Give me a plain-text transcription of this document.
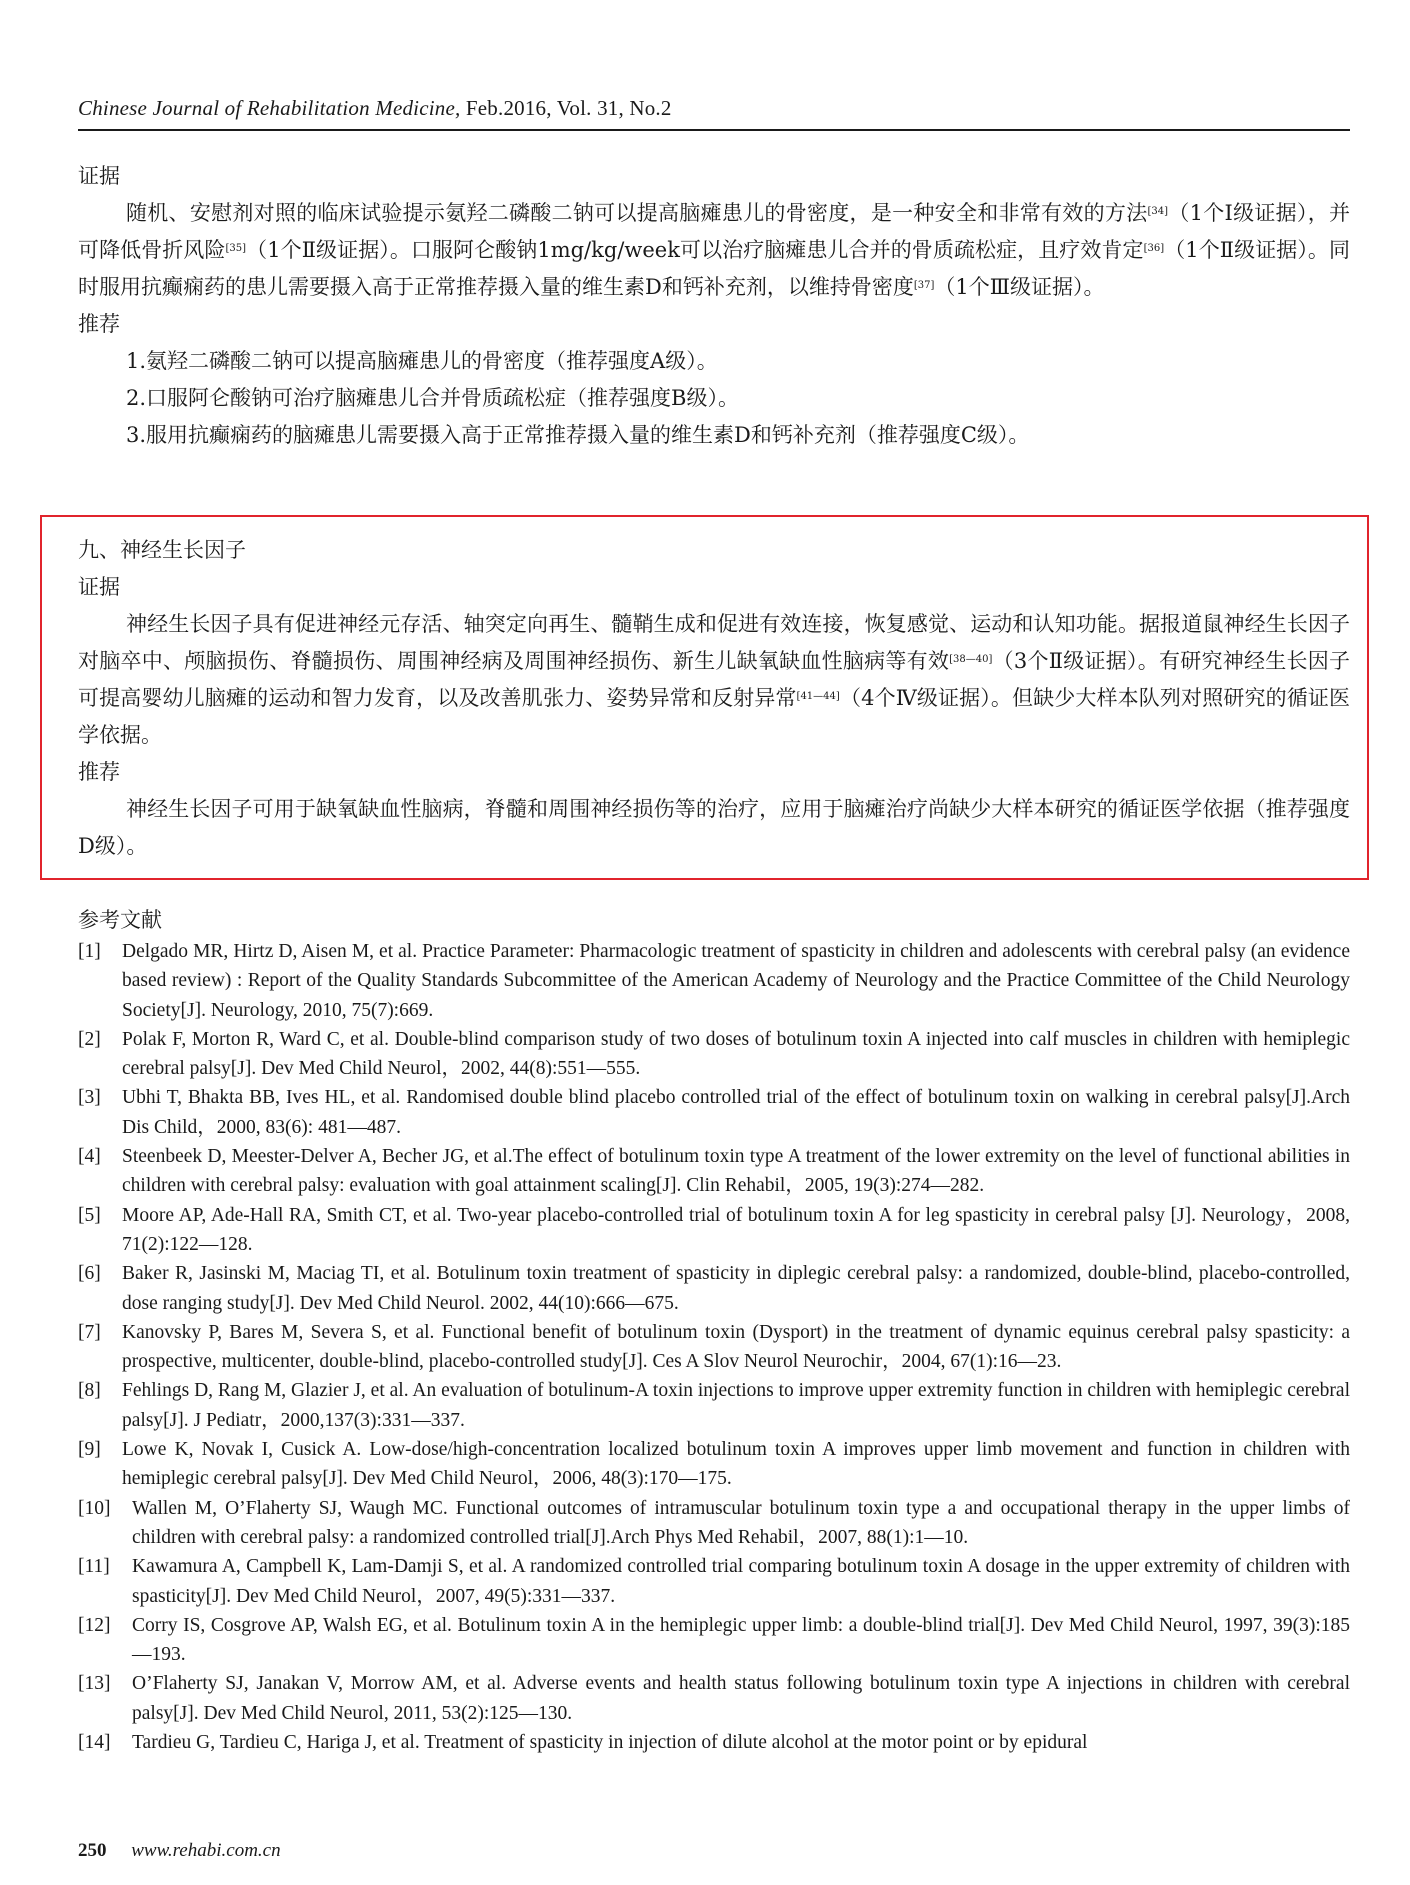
Chinese Journal of Rehabilitation Medicine, Feb.2016, Vol. 31, No.2

证据

随机、安慰剂对照的临床试验提示氨羟二磷酸二钠可以提高脑瘫患儿的骨密度，是一种安全和非常有效的方法[34]（1个Ⅰ级证据），并可降低骨折风险[35]（1个Ⅱ级证据）。口服阿仑酸钠1mg/kg/week可以治疗脑瘫患儿合并的骨质疏松症，且疗效肯定[36]（1个Ⅱ级证据）。同时服用抗癫痫药的患儿需要摄入高于正常推荐摄入量的维生素D和钙补充剂，以维持骨密度[37]（1个Ⅲ级证据）。

推荐

1.氨羟二磷酸二钠可以提高脑瘫患儿的骨密度（推荐强度A级）。

2.口服阿仑酸钠可治疗脑瘫患儿合并骨质疏松症（推荐强度B级）。

3.服用抗癫痫药的脑瘫患儿需要摄入高于正常推荐摄入量的维生素D和钙补充剂（推荐强度C级）。

九、神经生长因子

证据

神经生长因子具有促进神经元存活、轴突定向再生、髓鞘生成和促进有效连接，恢复感觉、运动和认知功能。据报道鼠神经生长因子对脑卒中、颅脑损伤、脊髓损伤、周围神经病及周围神经损伤、新生儿缺氧缺血性脑病等有效[38—40]（3个Ⅱ级证据）。有研究神经生长因子可提高婴幼儿脑瘫的运动和智力发育，以及改善肌张力、姿势异常和反射异常[41—44]（4个Ⅳ级证据）。但缺少大样本队列对照研究的循证医学依据。

推荐

神经生长因子可用于缺氧缺血性脑病，脊髓和周围神经损伤等的治疗，应用于脑瘫治疗尚缺少大样本研究的循证医学依据（推荐强度D级）。

参考文献

[1]	Delgado MR, Hirtz D, Aisen M, et al. Practice Parameter: Pharmacologic treatment of spasticity in children and adolescents with cerebral palsy (an evidence based review) : Report of the Quality Standards Subcommittee of the American Academy of Neurology and the Practice Committee of the Child Neurology Society[J]. Neurology, 2010, 75(7):669.
[2]	Polak F, Morton R, Ward C, et al. Double-blind comparison study of two doses of botulinum toxin A injected into calf muscles in children with hemiplegic cerebral palsy[J]. Dev Med Child Neurol，2002, 44(8):551—555.
[3]	Ubhi T, Bhakta BB, Ives HL, et al. Randomised double blind placebo controlled trial of the effect of botulinum toxin on walking in cerebral palsy[J].Arch Dis Child，2000, 83(6): 481—487.
[4]	Steenbeek D, Meester-Delver A, Becher JG, et al.The effect of botulinum toxin type A treatment of the lower extremity on the level of functional abilities in children with cerebral palsy: evaluation with goal attainment scaling[J]. Clin Rehabil，2005, 19(3):274—282.
[5]	Moore AP, Ade-Hall RA, Smith CT, et al. Two-year placebo-controlled trial of botulinum toxin A for leg spasticity in cerebral palsy [J]. Neurology，2008, 71(2):122—128.
[6]	Baker R, Jasinski M, Maciag TI, et al. Botulinum toxin treatment of spasticity in diplegic cerebral palsy: a randomized, double-blind, placebo-controlled, dose ranging study[J]. Dev Med Child Neurol. 2002, 44(10):666—675.
[7]	Kanovsky P, Bares M, Severa S, et al. Functional benefit of botulinum toxin (Dysport) in the treatment of dynamic equinus cerebral palsy spasticity: a prospective, multicenter, double-blind, placebo-controlled study[J]. Ces A Slov Neurol Neurochir，2004, 67(1):16—23.
[8]	Fehlings D, Rang M, Glazier J, et al. An evaluation of botulinum-A toxin injections to improve upper extremity function in children with hemiplegic cerebral palsy[J]. J Pediatr，2000,137(3):331—337.
[9]	Lowe K, Novak I, Cusick A. Low-dose/high-concentration localized botulinum toxin A improves upper limb movement and function in children with hemiplegic cerebral palsy[J]. Dev Med Child Neurol，2006, 48(3):170—175.
[10]	Wallen M, O’Flaherty SJ, Waugh MC. Functional outcomes of intramuscular botulinum toxin type a and occupational therapy in the upper limbs of children with cerebral palsy: a randomized controlled trial[J].Arch Phys Med Rehabil，2007, 88(1):1—10.
[11]	Kawamura A, Campbell K, Lam-Damji S, et al. A randomized controlled trial comparing botulinum toxin A dosage in the upper extremity of children with spasticity[J]. Dev Med Child Neurol，2007, 49(5):331—337.
[12]	Corry IS, Cosgrove AP, Walsh EG, et al. Botulinum toxin A in the hemiplegic upper limb: a double-blind trial[J]. Dev Med Child Neurol, 1997, 39(3):185—193.
[13]	O’Flaherty SJ, Janakan V, Morrow AM, et al. Adverse events and health status following botulinum toxin type A injections in children with cerebral palsy[J]. Dev Med Child Neurol, 2011, 53(2):125—130.
[14]	Tardieu G, Tardieu C, Hariga J, et al. Treatment of spasticity in injection of dilute alcohol at the motor point or by epidural
250 www.rehabi.com.cn
